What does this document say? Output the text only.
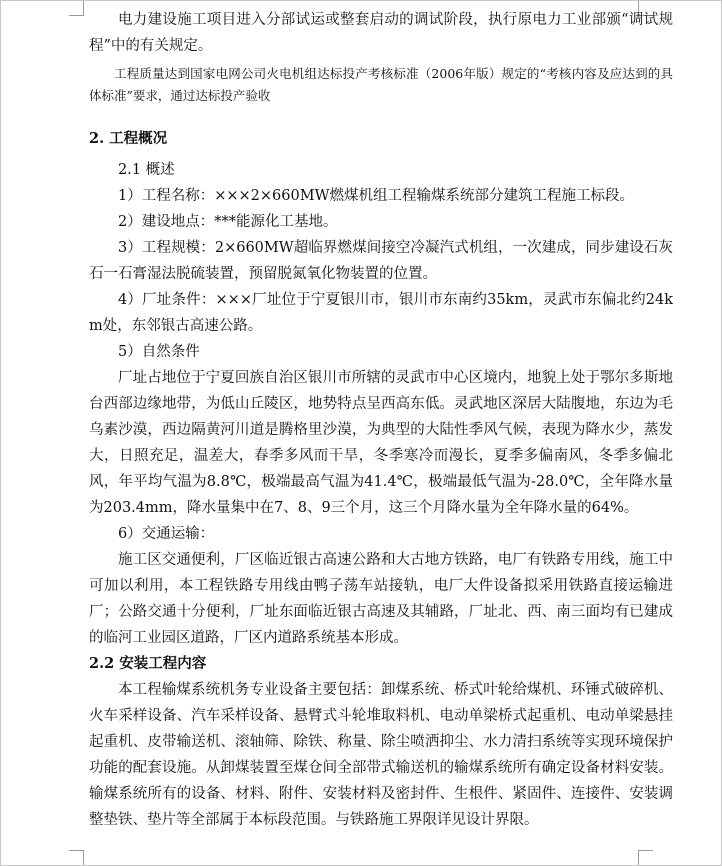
电力建设施工项目进入分部试运或整套启动的调试阶段，执行原电力工业部颁“调试规程”中的有关规定。

工程质量达到国家电网公司火电机组达标投产考核标准（2006年版）规定的“考核内容及应达到的具体标准”要求，通过达标投产验收

2. 工程概况

2.1 概述

1）工程名称：×××2×660MW燃煤机组工程输煤系统部分建筑工程施工标段。

2）建设地点：***能源化工基地。

3）工程规模：2×660MW超临界燃煤间接空冷凝汽式机组，一次建成，同步建设石灰石一石膏湿法脱硫装置，预留脱氮氧化物装置的位置。

4）厂址条件：×××厂址位于宁夏银川市，银川市东南约35km，灵武市东偏北约24km处，东邻银古高速公路。

5）自然条件

厂址占地位于宁夏回族自治区银川市所辖的灵武市中心区境内，地貌上处于鄂尔多斯地台西部边缘地带，为低山丘陵区，地势特点呈西高东低。灵武地区深居大陆腹地，东边为毛乌素沙漠，西边隔黄河川道是腾格里沙漠，为典型的大陆性季风气候，表现为降水少，蒸发大，日照充足，温差大，春季多风而干旱，冬季寒冷而漫长，夏季多偏南风，冬季多偏北风，年平均气温为8.8℃，极端最高气温为41.4℃，极端最低气温为-28.0℃，全年降水量为203.4mm，降水量集中在7、8、9三个月，这三个月降水量为全年降水量的64%。

6）交通运输：

施工区交通便利，厂区临近银古高速公路和大古地方铁路，电厂有铁路专用线，施工中可加以利用，本工程铁路专用线由鸭子荡车站接轨，电厂大件设备拟采用铁路直接运输进厂；公路交通十分便利，厂址东面临近银古高速及其辅路，厂址北、西、南三面均有已建成的临河工业园区道路，厂区内道路系统基本形成。

2.2 安装工程内容

本工程输煤系统机务专业设备主要包括：卸煤系统、桥式叶轮给煤机、环锤式破碎机、火车采样设备、汽车采样设备、悬臂式斗轮堆取料机、电动单梁桥式起重机、电动单梁悬挂起重机、皮带输送机、滚轴筛、除铁、称量、除尘喷洒抑尘、水力清扫系统等实现环境保护功能的配套设施。从卸煤装置至煤仓间全部带式输送机的输煤系统所有确定设备材料安装。输煤系统所有的设备、材料、附件、安装材料及密封件、生根件、紧固件、连接件、安装调整垫铁、垫片等全部属于本标段范围。与铁路施工界限详见设计界限。
